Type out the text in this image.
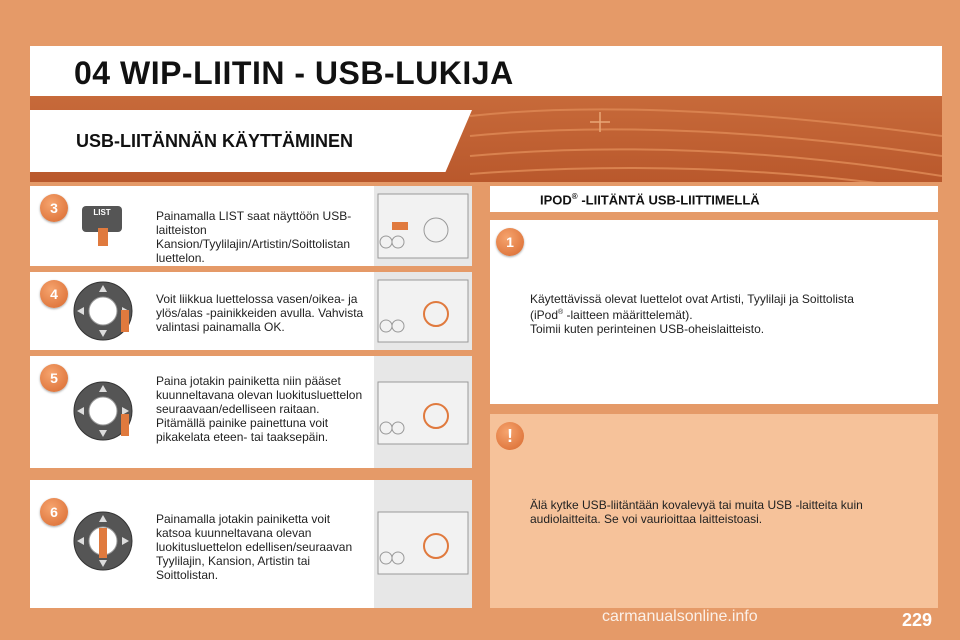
04 WIP-LIITIN - USB-LUKIJA
USB-LIITÄNNÄN KÄYTTÄMINEN
3	LIST	Painamalla LIST saat näyttöön USB-laitteiston Kansion/Tyylilajin/Artistin/Soittolistan luettelon.
4	Voit liikkua luettelossa vasen/oikea- ja ylös/alas -painikkeiden avulla. Vahvista valintasi painamalla OK.
5	Paina jotakin painiketta niin pääset kuunneltavana olevan luokitusluettelon seuraavaan/edelliseen raitaan. Pitämällä painike painettuna voit pikakelata eteen- tai taaksepäin.
6	Painamalla jotakin painiketta voit katsoa kuunneltavana olevan luokitusluettelon edellisen/seuraavan Tyylilajin, Kansion, Artistin tai Soittolistan.
IPOD® -LIITÄNTÄ USB-LIITTIMELLÄ
1
Käytettävissä olevat luettelot ovat Artisti, Tyylilaji ja Soittolista
(iPod® -laitteen määrittelemät).
Toimii kuten perinteinen USB-oheislaitteisto.
!
Älä kytke USB-liitäntään kovalevyä tai muita USB -laitteita kuin audiolaitteita. Se voi vaurioittaa laitteistoasi.
carmanualsonline.info	229
